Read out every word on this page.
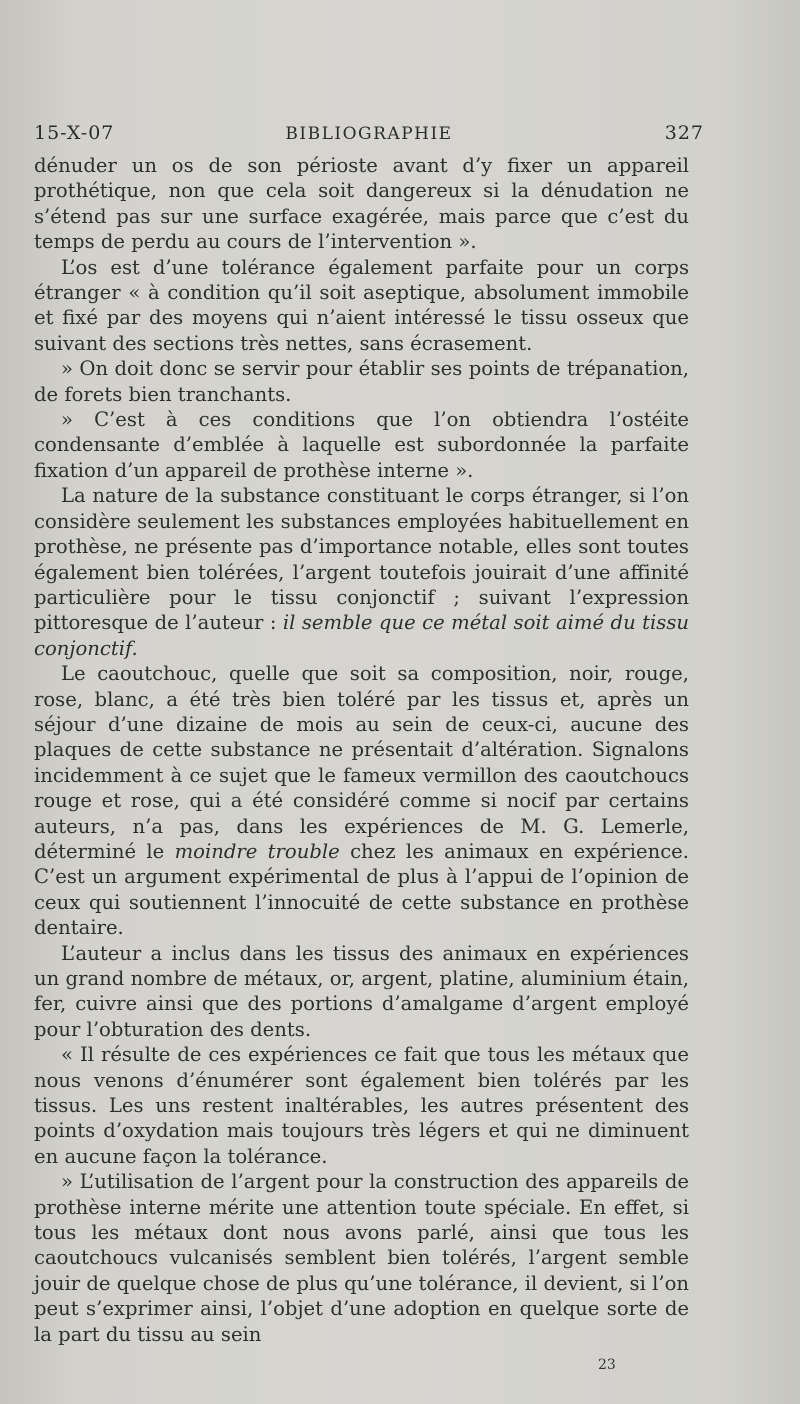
15-X-07	BIBLIOGRAPHIE	327

dénuder un os de son périoste avant d’y fixer un appareil prothétique, non que cela soit dangereux si la dénudation ne s’étend pas sur une surface exagérée, mais parce que c’est du temps de perdu au cours de l’intervention ».

L’os est d’une tolérance également parfaite pour un corps étranger « à condition qu’il soit aseptique, absolument immobile et fixé par des moyens qui n’aient intéressé le tissu osseux que suivant des sections très nettes, sans écrasement.

» On doit donc se servir pour établir ses points de trépanation, de forets bien tranchants.

» C’est à ces conditions que l’on obtiendra l’ostéite condensante d’emblée à laquelle est subordonnée la parfaite fixation d’un appareil de prothèse interne ».

La nature de la substance constituant le corps étranger, si l’on considère seulement les substances employées habituellement en prothèse, ne présente pas d’importance notable, elles sont toutes également bien tolérées, l’argent toutefois jouirait d’une affinité particulière pour le tissu conjonctif ; suivant l’expression pittoresque de l’auteur : il semble que ce métal soit aimé du tissu conjonctif.

Le caoutchouc, quelle que soit sa composition, noir, rouge, rose, blanc, a été très bien toléré par les tissus et, après un séjour d’une dizaine de mois au sein de ceux-ci, aucune des plaques de cette substance ne présentait d’altération. Signalons incidemment à ce sujet que le fameux vermillon des caoutchoucs rouge et rose, qui a été considéré comme si nocif par certains auteurs, n’a pas, dans les expériences de M. G. Lemerle, déterminé le moindre trouble chez les animaux en expérience. C’est un argument expérimental de plus à l’appui de l’opinion de ceux qui soutiennent l’innocuité de cette substance en prothèse dentaire.

L’auteur a inclus dans les tissus des animaux en expériences un grand nombre de métaux, or, argent, platine, aluminium étain, fer, cuivre ainsi que des portions d’amalgame d’argent employé pour l’obturation des dents.

« Il résulte de ces expériences ce fait que tous les métaux que nous venons d’énumérer sont également bien tolérés par les tissus. Les uns restent inaltérables, les autres présentent des points d’oxydation mais toujours très légers et qui ne diminuent en aucune façon la tolérance.

» L’utilisation de l’argent pour la construction des appareils de prothèse interne mérite une attention toute spéciale. En effet, si tous les métaux dont nous avons parlé, ainsi que tous les caoutchoucs vulcanisés semblent bien tolérés, l’argent semble jouir de quelque chose de plus qu’une tolérance, il devient, si l’on peut s’exprimer ainsi, l’objet d’une adoption en quelque sorte de la part du tissu au sein

23
